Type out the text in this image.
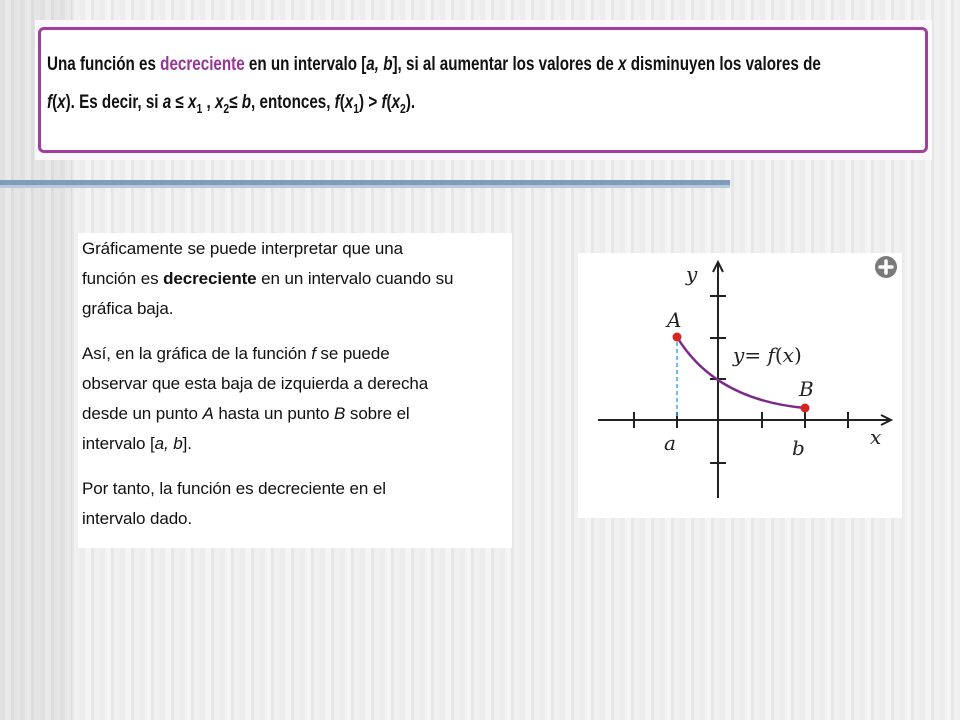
Una función es decreciente en un intervalo [a, b], si al aumentar los valores de x disminuyen los valores de
f(x). Es decir, si $a \le x_1$ , $x_2\le b$, entonces, $f(x_1) > f(x_2)$.
Gráficamente se puede interpretar que una
función es decreciente en un intervalo cuando su
gráfica baja.
Así, en la gráfica de la función f se puede
observar que esta baja de izquierda a derecha
desde un punto A hasta un punto B sobre el
intervalo [a, b].
Por tanto, la función es decreciente en el
intervalo dado.
y
x
A
B
a	b
y= f(x)
